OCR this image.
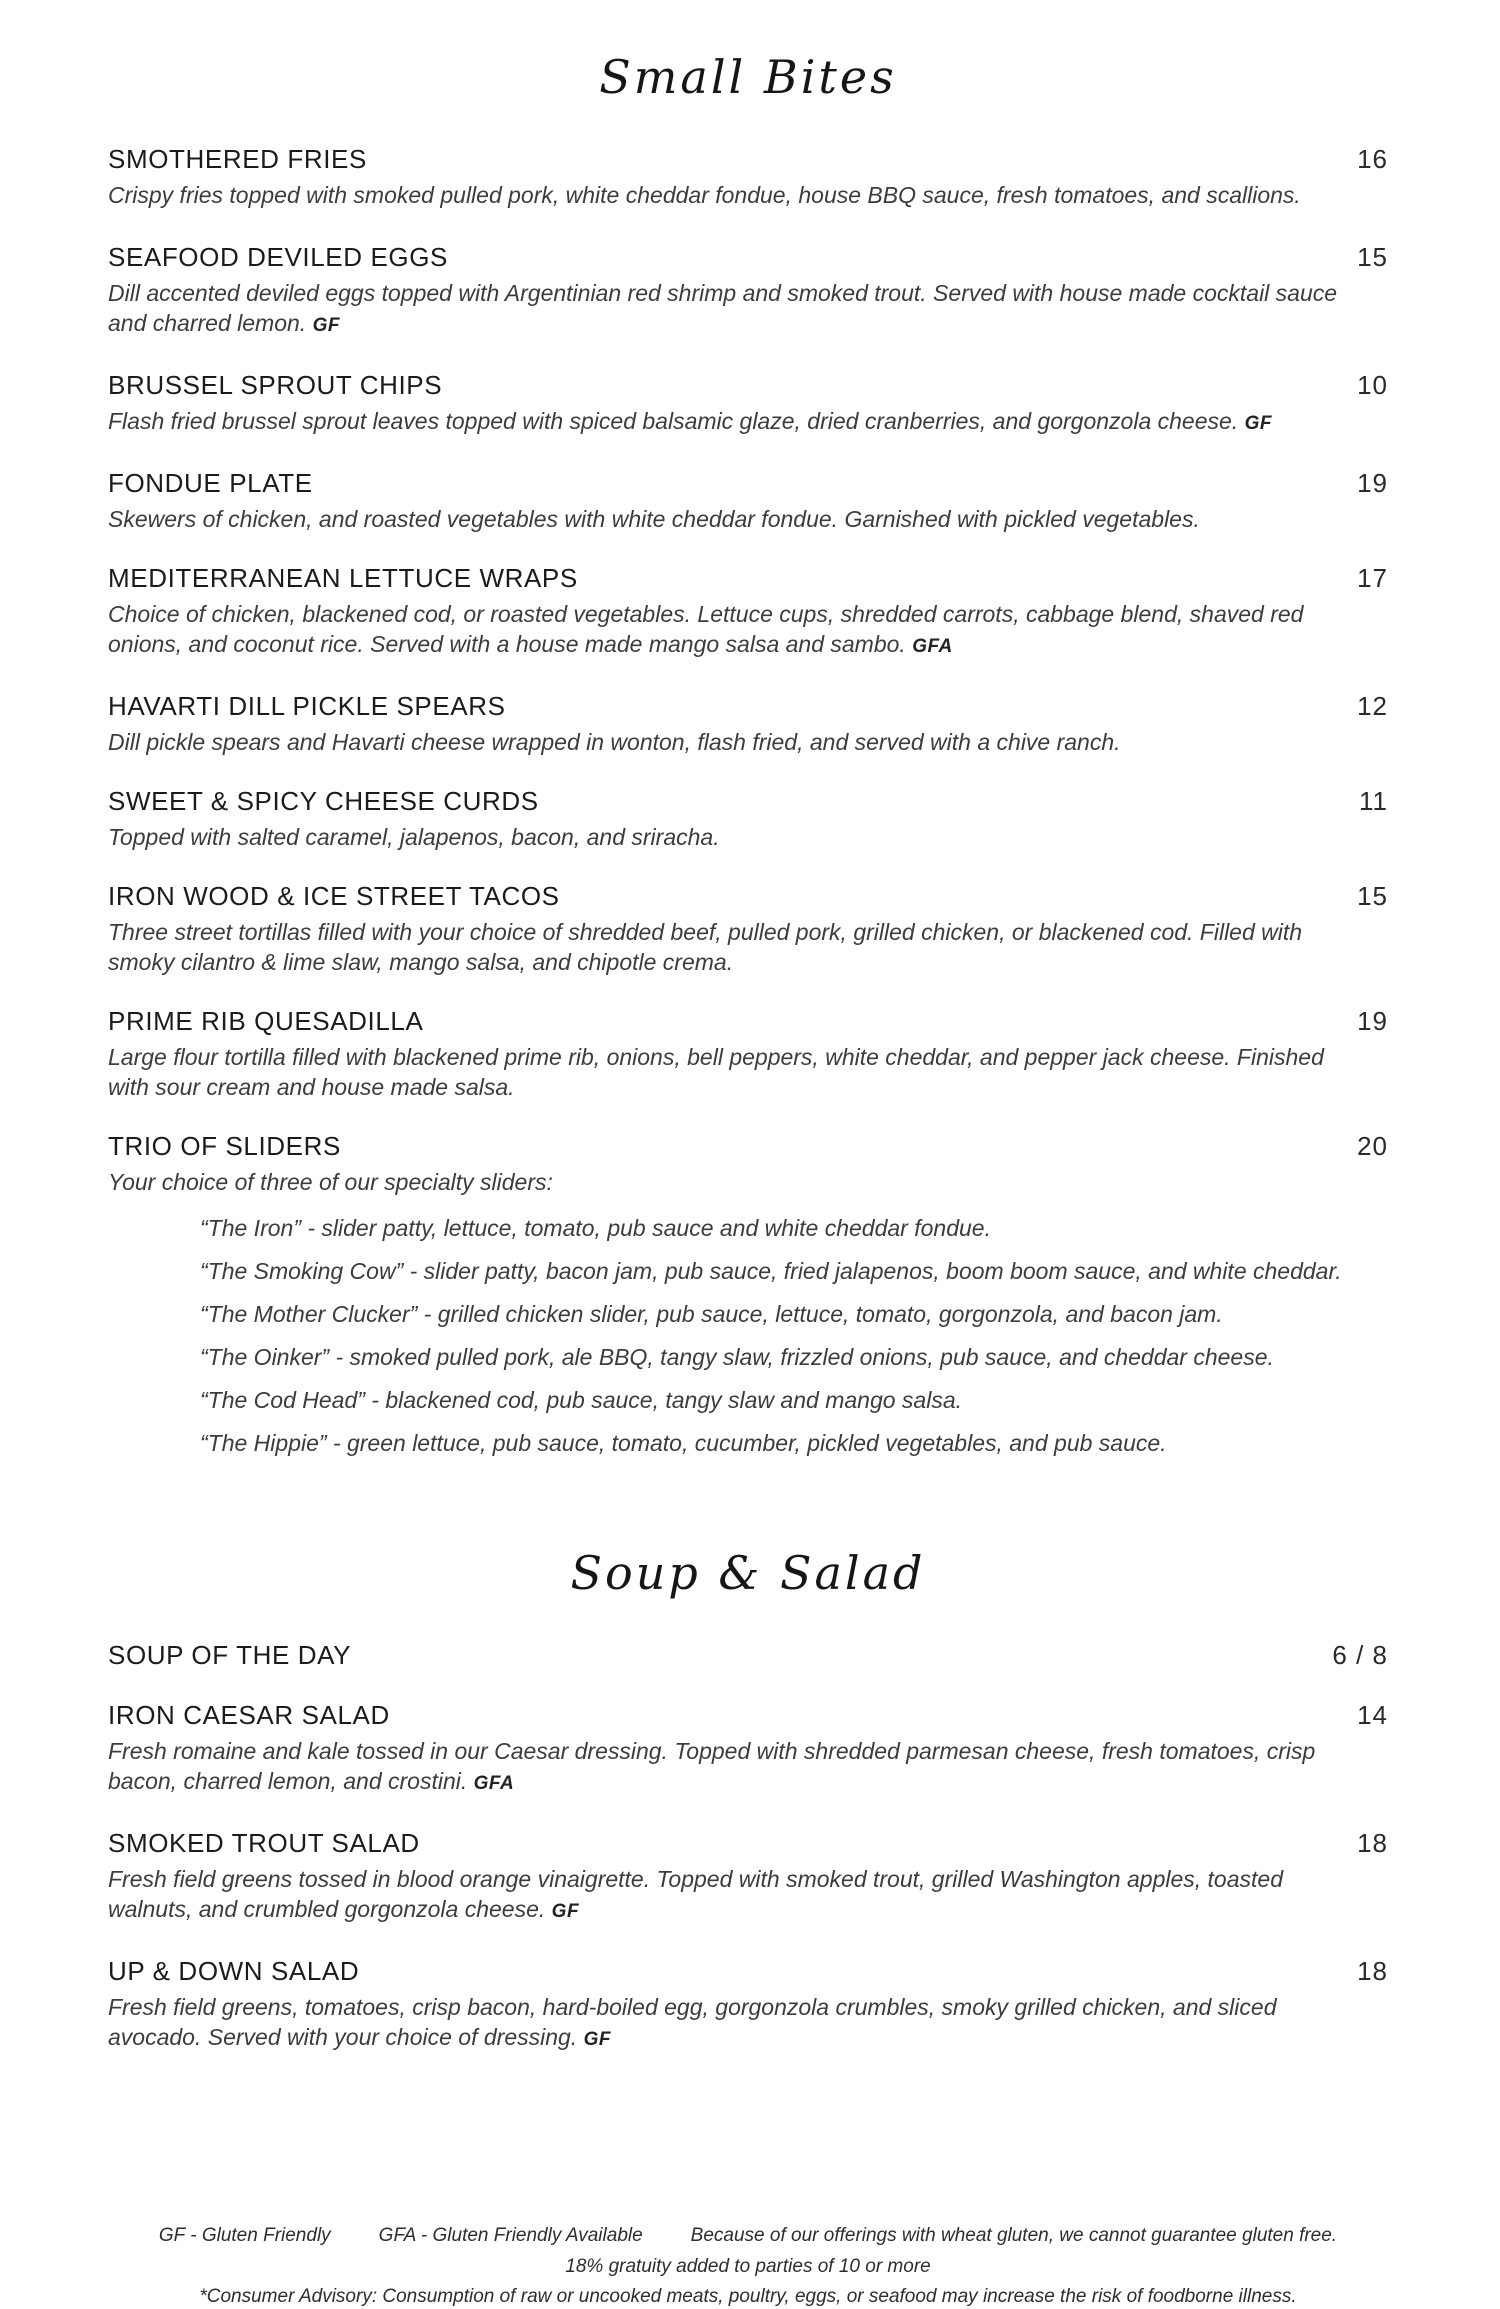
Small Bites
SMOTHERED FRIES	16

Crispy fries topped with smoked pulled pork, white cheddar fondue, house BBQ sauce, fresh tomatoes, and scallions.

SEAFOOD DEVILED EGGS	15

Dill accented deviled eggs topped with Argentinian red shrimp and smoked trout. Served with house made cocktail sauce and charred lemon. GF

BRUSSEL SPROUT CHIPS	10

Flash fried brussel sprout leaves topped with spiced balsamic glaze, dried cranberries, and gorgonzola cheese. GF

FONDUE PLATE	19

Skewers of chicken, and roasted vegetables with white cheddar fondue. Garnished with pickled vegetables.

MEDITERRANEAN LETTUCE WRAPS	17

Choice of chicken, blackened cod, or roasted vegetables. Lettuce cups, shredded carrots, cabbage blend, shaved red onions, and coconut rice. Served with a house made mango salsa and sambo. GFA

HAVARTI DILL PICKLE SPEARS	12

Dill pickle spears and Havarti cheese wrapped in wonton, flash fried, and served with a chive ranch.

SWEET & SPICY CHEESE CURDS	11

Topped with salted caramel, jalapenos, bacon, and sriracha.

IRON WOOD & ICE STREET TACOS	15

Three street tortillas filled with your choice of shredded beef, pulled pork, grilled chicken, or blackened cod. Filled with smoky cilantro & lime slaw, mango salsa, and chipotle crema.

PRIME RIB QUESADILLA	19

Large flour tortilla filled with blackened prime rib, onions, bell peppers, white cheddar, and pepper jack cheese. Finished with sour cream and house made salsa.

TRIO OF SLIDERS	20

Your choice of three of our specialty sliders:

“The Iron” - slider patty, lettuce, tomato, pub sauce and white cheddar fondue.
“The Smoking Cow” - slider patty, bacon jam, pub sauce, fried jalapenos, boom boom sauce, and white cheddar.
“The Mother Clucker” - grilled chicken slider, pub sauce, lettuce, tomato, gorgonzola, and bacon jam.
“The Oinker” - smoked pulled pork, ale BBQ, tangy slaw, frizzled onions, pub sauce, and cheddar cheese.
“The Cod Head” - blackened cod, pub sauce, tangy slaw and mango salsa.
“The Hippie” - green lettuce, pub sauce, tomato, cucumber, pickled vegetables, and pub sauce.
Soup & Salad
SOUP OF THE DAY	6 / 8
IRON CAESAR SALAD	14

Fresh romaine and kale tossed in our Caesar dressing. Topped with shredded parmesan cheese, fresh tomatoes, crisp bacon, charred lemon, and crostini. GFA

SMOKED TROUT SALAD	18

Fresh field greens tossed in blood orange vinaigrette. Topped with smoked trout, grilled Washington apples, toasted walnuts, and crumbled gorgonzola cheese. GF

UP & DOWN SALAD	18

Fresh field greens, tomatoes, crisp bacon, hard-boiled egg, gorgonzola crumbles, smoky grilled chicken, and sliced avocado. Served with your choice of dressing. GF

GF - Gluten Friendly	GFA - Gluten Friendly Available	Because of our offerings with wheat gluten, we cannot guarantee gluten free.
18% gratuity added to parties of 10 or more
*Consumer Advisory: Consumption of raw or uncooked meats, poultry, eggs, or seafood may increase the risk of foodborne illness.
